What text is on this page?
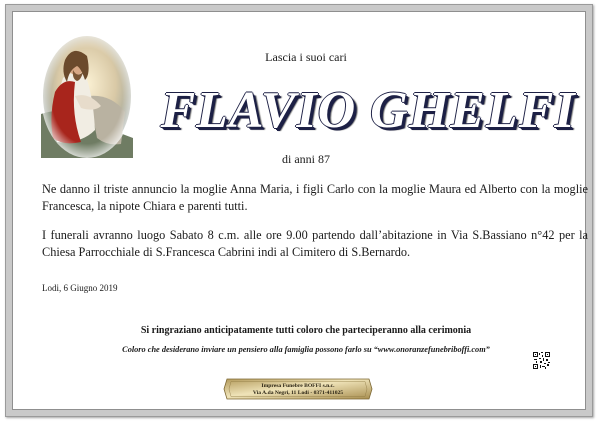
Lascia i suoi cari
FLAVIO GHELFI
di anni 87
Ne danno il triste annuncio la moglie Anna Maria, i figli Carlo con la moglie Maura ed Alberto con la moglie Francesca, la nipote Chiara e parenti tutti.
I funerali avranno luogo Sabato 8 c.m. alle ore 9.00 partendo dall’abitazione in Via S.Bassiano n°42 per la Chiesa Parrocchiale di S.Francesca Cabrini indi al Cimitero di S.Bernardo.
Lodi, 6 Giugno 2019
Si ringraziano anticipatamente tutti coloro che parteciperanno alla cerimonia
Coloro che desiderano inviare un pensiero alla famiglia possono farlo su “www.onoranzefunebriboffi.com”
Impresa Funebre BOFFI s.n.c.
Via A.da Negri, 11 Lodi - 0371-411025
